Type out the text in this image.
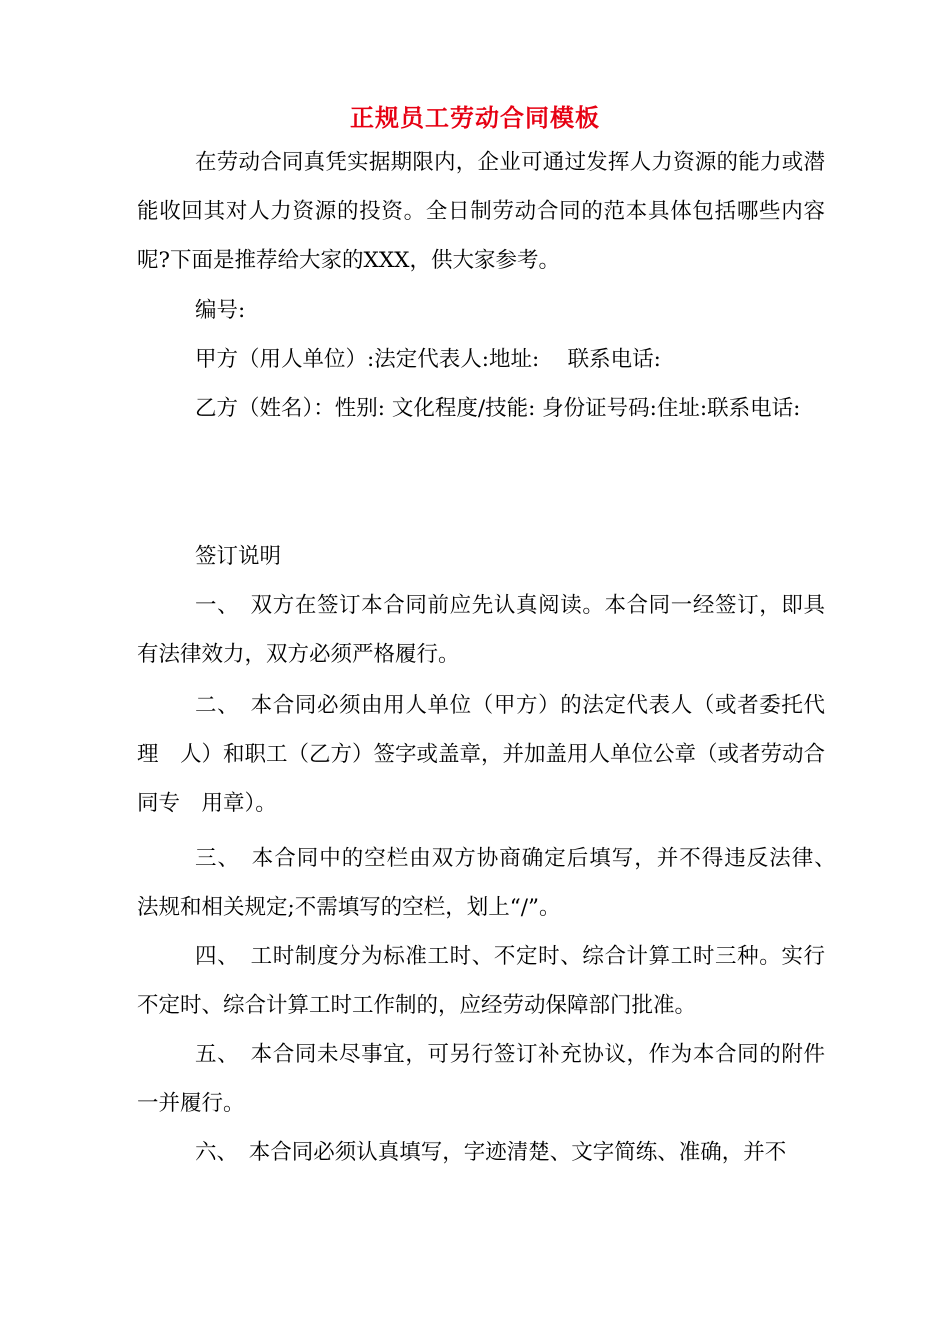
正规员工劳动合同模板

在劳动合同真凭实据期限内，企业可通过发挥人力资源的能力或潜能收回其对人力资源的投资。全日制劳动合同的范本具体包括哪些内容呢?下面是推荐给大家的XXX，供大家参考。

编号:

甲方（用人单位）:法定代表人:地址:　 联系电话:

乙方（姓名）：性别: 文化程度/技能: 身份证号码:住址:联系电话:

签订说明

一、　双方在签订本合同前应先认真阅读。本合同一经签订，即具有法律效力，双方必须严格履行。

二、　本合同必须由用人单位（甲方）的法定代表人（或者委托代理　人）和职工（乙方）签字或盖章，并加盖用人单位公章（或者劳动合同专　用章）。

三、　本合同中的空栏由双方协商确定后填写，并不得违反法律、　法规和相关规定;不需填写的空栏，划上“/”。

四、　工时制度分为标准工时、不定时、综合计算工时三种。实行不定时、综合计算工时工作制的，应经劳动保障部门批准。

五、　本合同未尽事宜，可另行签订补充协议，作为本合同的附件一并履行。

六、　本合同必须认真填写，字迹清楚、文字简练、准确，并不
